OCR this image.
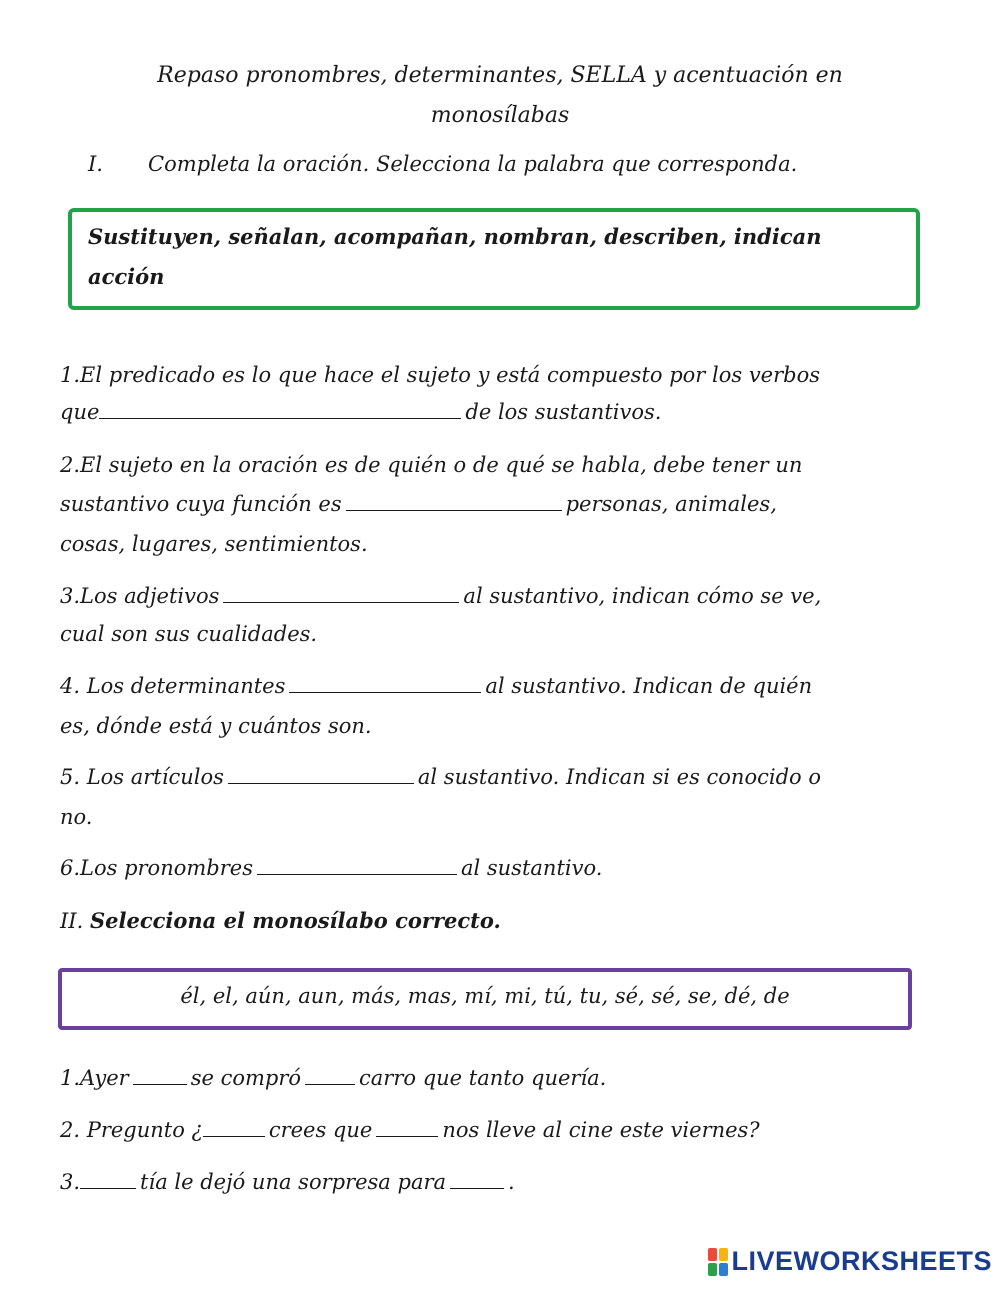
Repaso pronombres, determinantes, SELLA y acentuación en
monosílabas
I. Completa la oración. Selecciona la palabra que corresponda.
Sustituyen, señalan, acompañan, nombran, describen, indican
acción
1.El predicado es lo que hace el sujeto y está compuesto por los verbos
que	de los sustantivos.
2.El sujeto en la oración es de quién o de qué se habla, debe tener un
sustantivo cuya función es	personas, animales,
cosas, lugares, sentimientos.
3.Los adjetivos	al sustantivo, indican cómo se ve,
cual son sus cualidades.
4. Los determinantes	al sustantivo. Indican de quién
es, dónde está y cuántos son.
5. Los artículos	al sustantivo. Indican si es conocido o
no.
6.Los pronombres	al sustantivo.
II. Selecciona el monosílabo correcto.
él, el, aún, aun, más, mas, mí, mi, tú, tu, sé, sé, se, dé, de
1.Ayer	se compró	carro que tanto quería.
2. Pregunto ¿	crees que	nos lleve al cine este viernes?
3.	tía le dejó una sorpresa para	.
LIVEWORKSHEETS
